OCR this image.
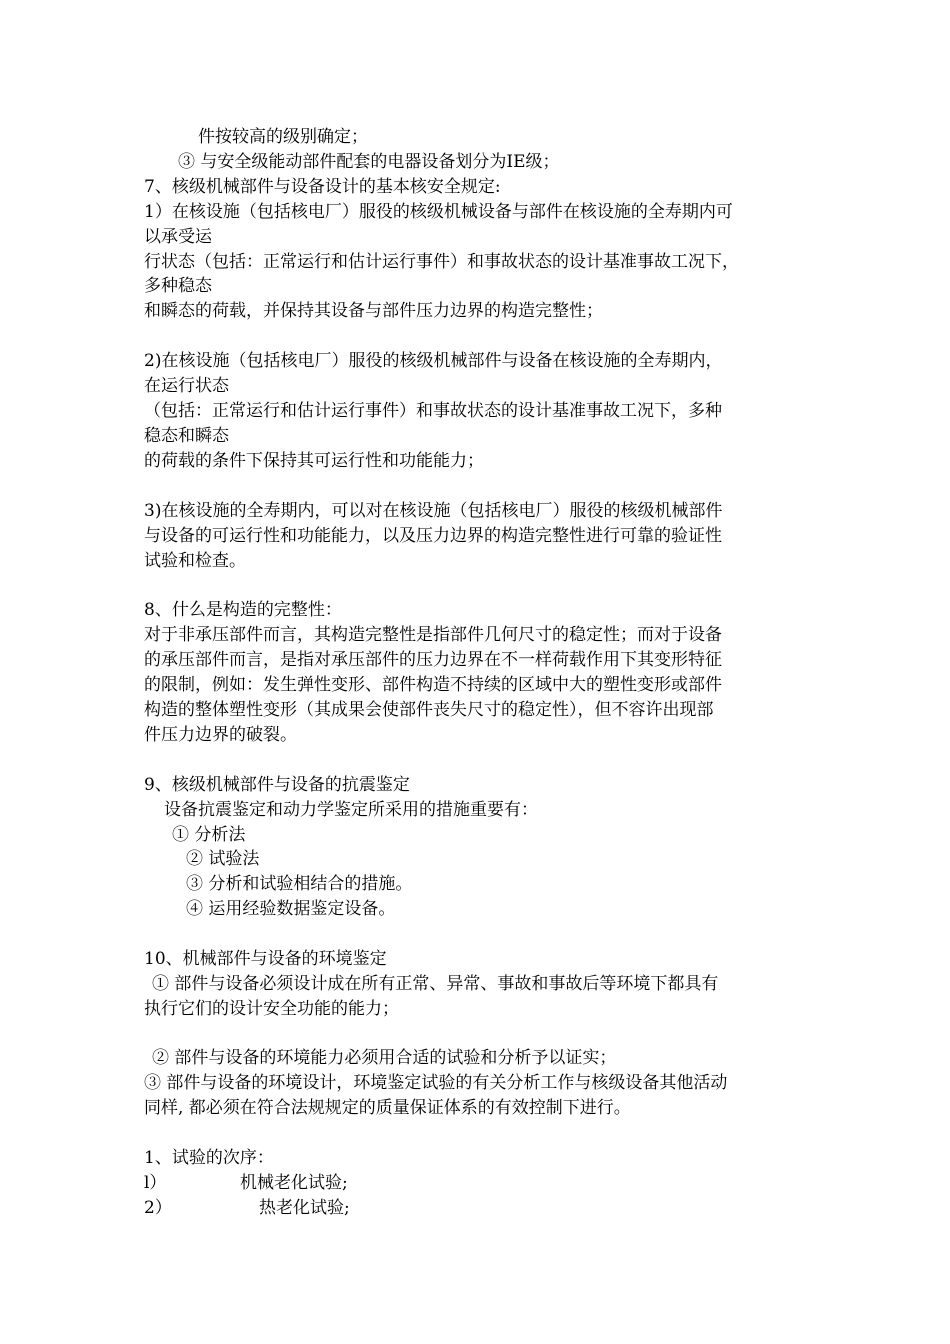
件按较高的级别确定；
③ 与安全级能动部件配套的电器设备划分为IE级；
7、核级机械部件与设备设计的基本核安全规定:
1）在核设施（包括核电厂）服役的核级机械设备与部件在核设施的全寿期内可
以承受运
行状态（包括：正常运行和估计运行事件）和事故状态的设计基准事故工况下，
多种稳态
和瞬态的荷载，并保持其设备与部件压力边界的构造完整性；
2)在核设施（包括核电厂）服役的核级机械部件与设备在核设施的全寿期内，
在运行状态
（包括：正常运行和估计运行事件）和事故状态的设计基准事故工况下，多种
稳态和瞬态
的荷载的条件下保持其可运行性和功能能力；
3)在核设施的全寿期内，可以对在核设施（包括核电厂）服役的核级机械部件
与设备的可运行性和功能能力，以及压力边界的构造完整性进行可靠的验证性
试验和检查。
8、什么是构造的完整性：
对于非承压部件而言，其构造完整性是指部件几何尺寸的稳定性；而对于设备
的承压部件而言，是指对承压部件的压力边界在不一样荷载作用下其变形特征
的限制，例如：发生弹性变形、部件构造不持续的区域中大的塑性变形或部件
构造的整体塑性变形（其成果会使部件丧失尺寸的稳定性），但不容许出现部
件压力边界的破裂。
9、核级机械部件与设备的抗震鉴定
设备抗震鉴定和动力学鉴定所采用的措施重要有：
① 分析法
② 试验法
③ 分析和试验相结合的措施。
④ 运用经验数据鉴定设备。
10、机械部件与设备的环境鉴定
① 部件与设备必须设计成在所有正常、异常、事故和事故后等环境下都具有
执行它们的设计安全功能的能力；
② 部件与设备的环境能力必须用合适的试验和分析予以证实；
③ 部件与设备的环境设计，环境鉴定试验的有关分析工作与核级设备其他活动
同样, 都必须在符合法规规定的质量保证体系的有效控制下进行。
1、试验的次序：
l）	机械老化试验;
2）	热老化试验;
